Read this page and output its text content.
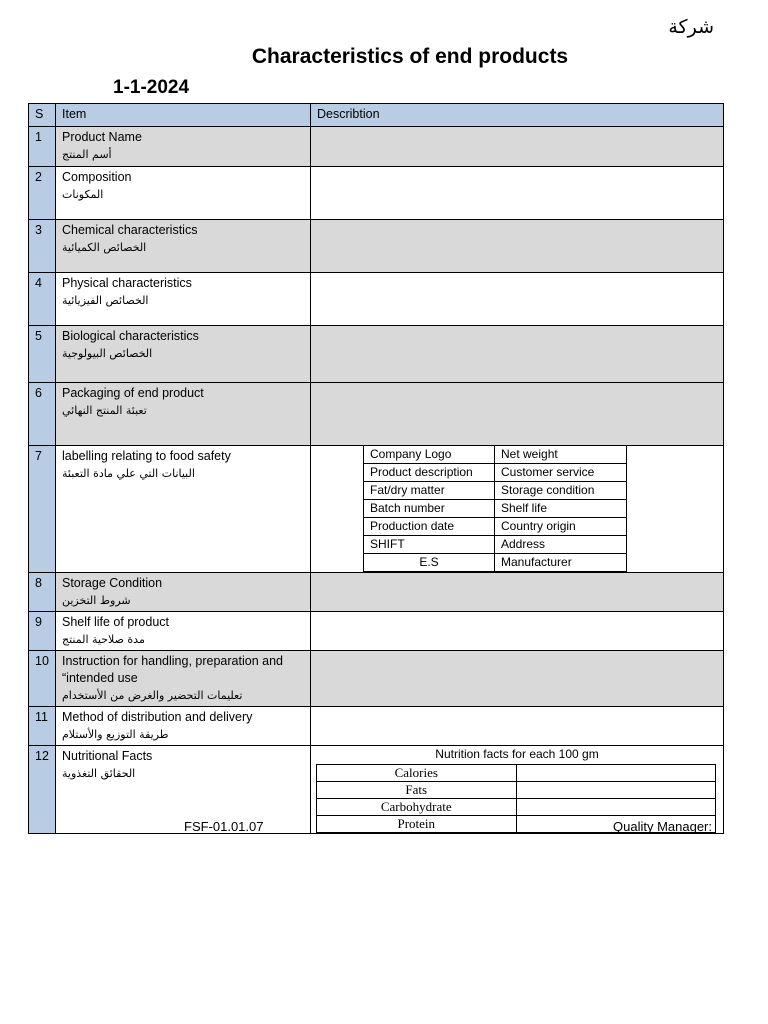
شركة
Characteristics of end products
1-1-2024
S	Item	Describtion
1	Product Name
أسم المنتج

2	Composition
المكونات

3	Chemical characteristics
الخصائص الكميائية

4	Physical characteristics
الخصائص الفيزيائية

5	Biological characteristics
الخصائص البيولوجية

6	Packaging of end product
تعبئة المنتج النهائي

7	labelling relating to food safety
البيانات التي علي مادة التعبئة

Company Logo	Net weight
Product description	Customer service
Fat/dry matter	Storage condition
Batch number	Shelf life
Production date	Country origin
SHIFT	Address
E.S	Manufacturer

8	Storage Condition
شروط التخزين

9	Shelf life of product
مدة صلاحية المنتج

10	Instruction for handling, preparation and “intended use
تعليمات التحضير والغرض من الأستخدام

11	Method of distribution and delivery
طريقة التوزيع والأستلام

12	Nutritional Facts
الحقائق التغذوية

Nutrition facts for each 100 gm
Calories	
Fats	
Carbohydrate	
Protein	
FSF-01.01.07	Quality Manager:
